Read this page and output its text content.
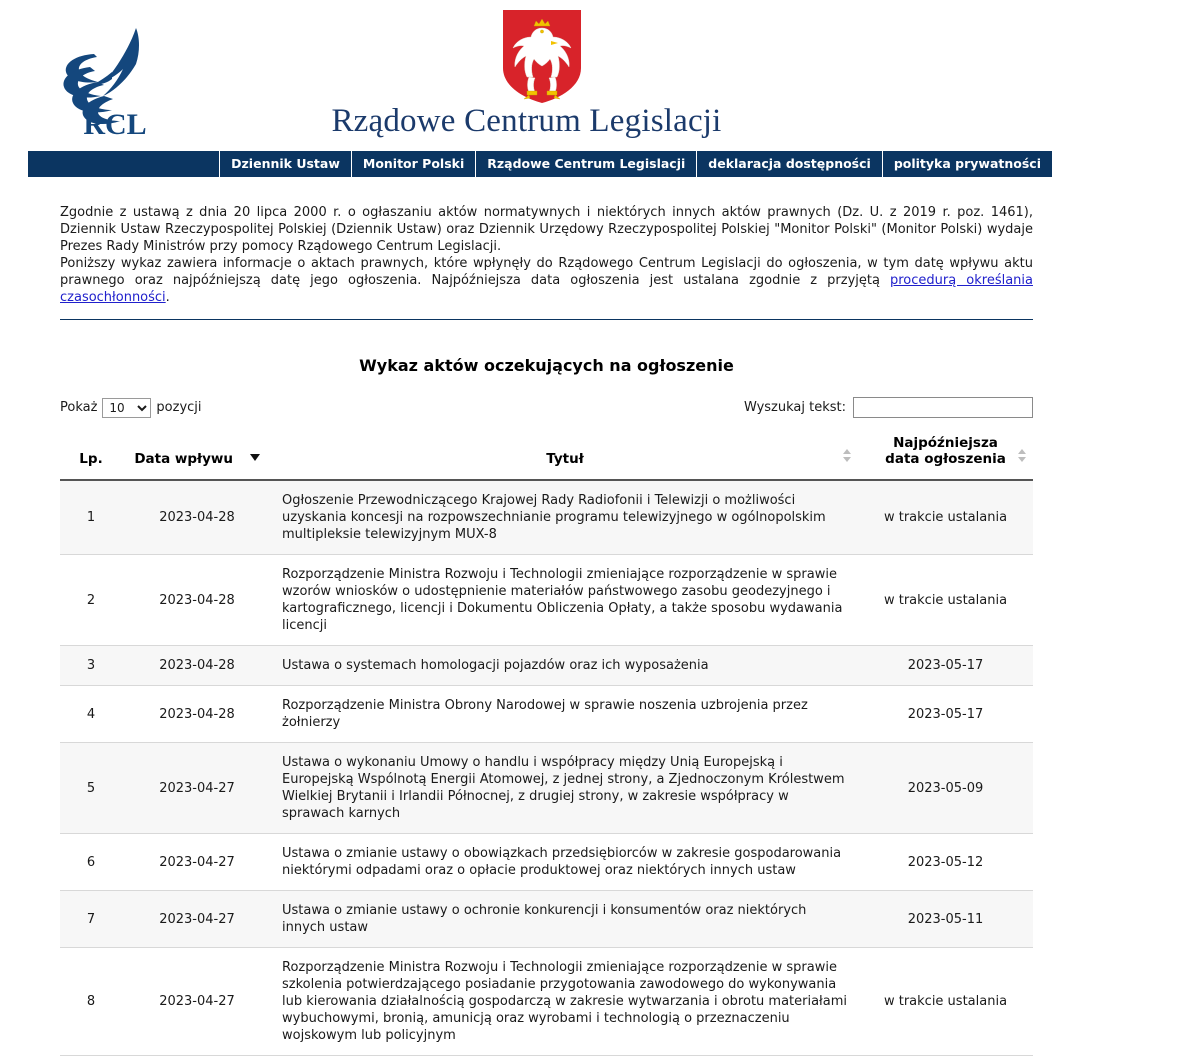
RCL	Rządowe Centrum Legislacji
Dziennik Ustaw	Monitor Polski	Rządowe Centrum Legislacji	deklaracja dostępności	polityka prywatności

Zgodnie z ustawą z dnia 20 lipca 2000 r. o ogłaszaniu aktów normatywnych i niektórych innych aktów prawnych (Dz. U. z 2019 r. poz. 1461), Dziennik Ustaw Rzeczypospolitej Polskiej (Dziennik Ustaw) oraz Dziennik Urzędowy Rzeczypospolitej Polskiej "Monitor Polski" (Monitor Polski) wydaje Prezes Rady Ministrów przy pomocy Rządowego Centrum Legislacji.

Poniższy wykaz zawiera informacje o aktach prawnych, które wpłynęły do Rządowego Centrum Legislacji do ogłoszenia, w tym datę wpływu aktu prawnego oraz najpóźniejszą datę jego ogłoszenia. Najpóźniejsza data ogłoszenia jest ustalana zgodnie z przyjętą procedurą określania czasochłonności.

Wykaz aktów oczekujących na ogłoszenie
Pokaż
10	pozycji	Wyszukaj tekst:
Lp.	Data wpływu	Tytuł	Najpóźniejsza
data ogłoszenia

1	2023-04-28	Ogłoszenie Przewodniczącego Krajowej Rady Radiofonii i Telewizji o możliwości uzyskania koncesji na rozpowszechnianie programu telewizyjnego w ogólnopolskim multipleksie telewizyjnym MUX-8	w trakcie ustalania
2	2023-04-28	Rozporządzenie Ministra Rozwoju i Technologii zmieniające rozporządzenie w sprawie wzorów wniosków o udostępnienie materiałów państwowego zasobu geodezyjnego i kartograficznego, licencji i Dokumentu Obliczenia Opłaty, a także sposobu wydawania licencji	w trakcie ustalania
3	2023-04-28	Ustawa o systemach homologacji pojazdów oraz ich wyposażenia	2023-05-17
4	2023-04-28	Rozporządzenie Ministra Obrony Narodowej w sprawie noszenia uzbrojenia przez żołnierzy	2023-05-17
5	2023-04-27	Ustawa o wykonaniu Umowy o handlu i współpracy między Unią Europejską i Europejską Wspólnotą Energii Atomowej, z jednej strony, a Zjednoczonym Królestwem Wielkiej Brytanii i Irlandii Północnej, z drugiej strony, w zakresie współpracy w sprawach karnych	2023-05-09
6	2023-04-27	Ustawa o zmianie ustawy o obowiązkach przedsiębiorców w zakresie gospodarowania niektórymi odpadami oraz o opłacie produktowej oraz niektórych innych ustaw	2023-05-12
7	2023-04-27	Ustawa o zmianie ustawy o ochronie konkurencji i konsumentów oraz niektórych innych ustaw	2023-05-11
8	2023-04-27	Rozporządzenie Ministra Rozwoju i Technologii zmieniające rozporządzenie w sprawie szkolenia potwierdzającego posiadanie przygotowania zawodowego do wykonywania lub kierowania działalnością gospodarczą w zakresie wytwarzania i obrotu materiałami wybuchowymi, bronią, amunicją oraz wyrobami i technologią o przeznaczeniu wojskowym lub policyjnym	w trakcie ustalania
